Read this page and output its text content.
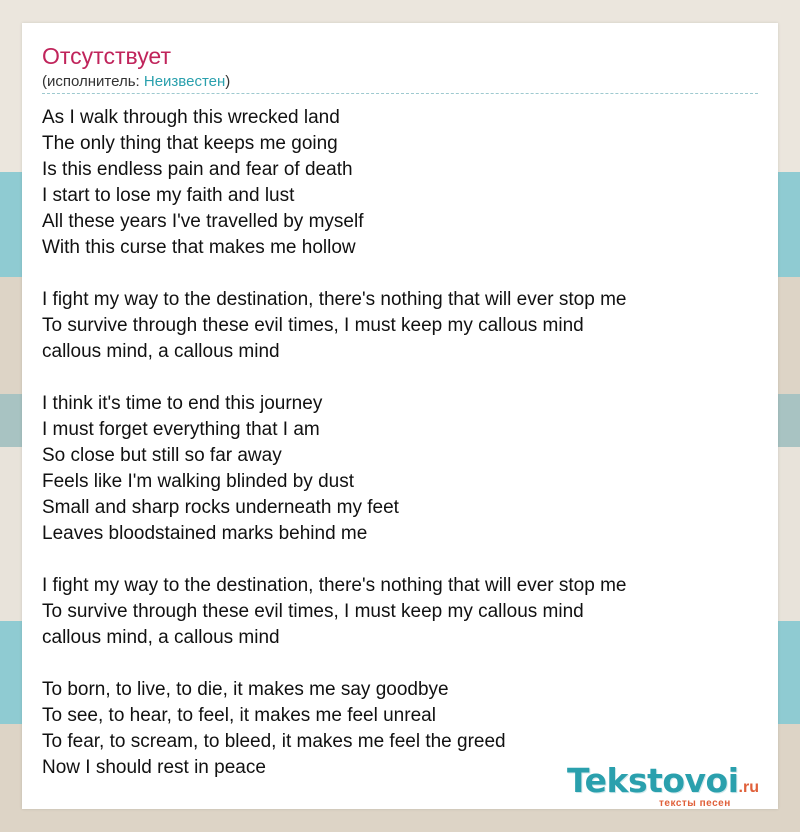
Отсутствует
(исполнитель: Неизвестен)
As I walk through this wrecked land
The only thing that keeps me going
Is this endless pain and fear of death
I start to lose my faith and lust
All these years I've travelled by myself
With this curse that makes me hollow
I fight my way to the destination, there's nothing that will ever stop me
To survive through these evil times, I must keep my callous mind
callous mind, a callous mind
I think it's time to end this journey
I must forget everything that I am
So close but still so far away
Feels like I'm walking blinded by dust
Small and sharp rocks underneath my feet
Leaves bloodstained marks behind me
I fight my way to the destination, there's nothing that will ever stop me
To survive through these evil times, I must keep my callous mind
callous mind, a callous mind
To born, to live, to die, it makes me say goodbye
To see, to hear, to feel, it makes me feel unreal
To fear, to scream, to bleed, it makes me feel the greed
Now I should rest in peace	Tekstovoi.ru
тексты песен
